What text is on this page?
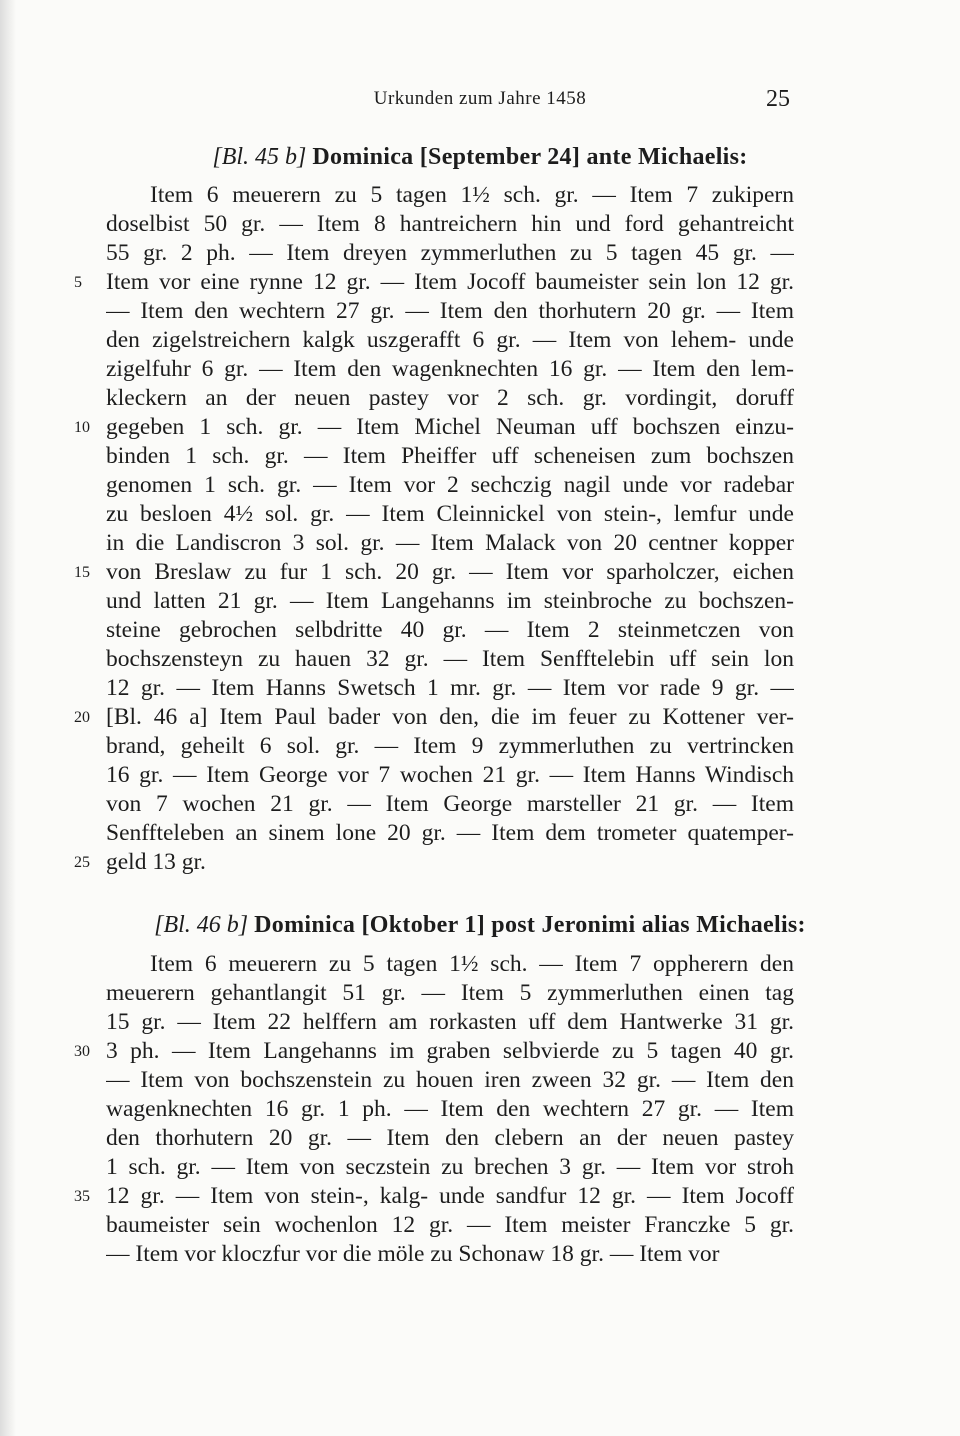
Urkunden zum Jahre 1458	25
[Bl. 45 b] Dominica [September 24] ante Michaelis:
Item 6 meuerern zu 5 tagen 1½ sch. gr. — Item 7 zukipern
doselbist 50 gr. — Item 8 hantreichern hin und ford gehantreicht
55 gr. 2 ph. — Item dreyen zymmerluthen zu 5 tagen 45 gr. —
Item vor eine rynne 12 gr. — Item Jocoff baumeister sein lon 12 gr.
5
— Item den wechtern 27 gr. — Item den thorhutern 20 gr. — Item
den zigelstreichern kalgk uszgerafft 6 gr. — Item von lehem- unde
zigelfuhr 6 gr. — Item den wagenknechten 16 gr. — Item den lem-
kleckern an der neuen pastey vor 2 sch. gr. vordingit, doruff
gegeben 1 sch. gr. — Item Michel Neuman uff bochszen einzu-
10
binden 1 sch. gr. — Item Pheiffer uff scheneisen zum bochszen
genomen 1 sch. gr. — Item vor 2 sechczig nagil unde vor radebar
zu besloen 4½ sol. gr. — Item Cleinnickel von stein-, lemfur unde
in die Landiscron 3 sol. gr. — Item Malack von 20 centner kopper
von Breslaw zu fur 1 sch. 20 gr. — Item vor sparholczer, eichen
15
und latten 21 gr. — Item Langehanns im steinbroche zu bochszen-
steine gebrochen selbdritte 40 gr. — Item 2 steinmetczen von
bochszensteyn zu hauen 32 gr. — Item Senfftelebin uff sein lon
12 gr. — Item Hanns Swetsch 1 mr. gr. — Item vor rade 9 gr. —
[Bl. 46 a] Item Paul bader von den, die im feuer zu Kottener ver-
20
brand, geheilt 6 sol. gr. — Item 9 zymmerluthen zu vertrincken
16 gr. — Item George vor 7 wochen 21 gr. — Item Hanns Windisch
von 7 wochen 21 gr. — Item George marsteller 21 gr. — Item
Senffteleben an sinem lone 20 gr. — Item dem trometer quatemper-
geld 13 gr.
25
[Bl. 46 b] Dominica [Oktober 1] post Jeronimi alias Michaelis:
Item 6 meuerern zu 5 tagen 1½ sch. — Item 7 oppherern den
meuerern gehantlangit 51 gr. — Item 5 zymmerluthen einen tag
15 gr. — Item 22 helffern am rorkasten uff dem Hantwerke 31 gr.
3 ph. — Item Langehanns im graben selbvierde zu 5 tagen 40 gr.
30
— Item von bochszenstein zu houen iren zween 32 gr. — Item den
wagenknechten 16 gr. 1 ph. — Item den wechtern 27 gr. — Item
den thorhutern 20 gr. — Item den clebern an der neuen pastey
1 sch. gr. — Item von seczstein zu brechen 3 gr. — Item vor stroh
12 gr. — Item von stein-, kalg- unde sandfur 12 gr. — Item Jocoff
35
baumeister sein wochenlon 12 gr. — Item meister Franczke 5 gr.
— Item vor kloczfur vor die möle zu Schonaw 18 gr. — Item vor
